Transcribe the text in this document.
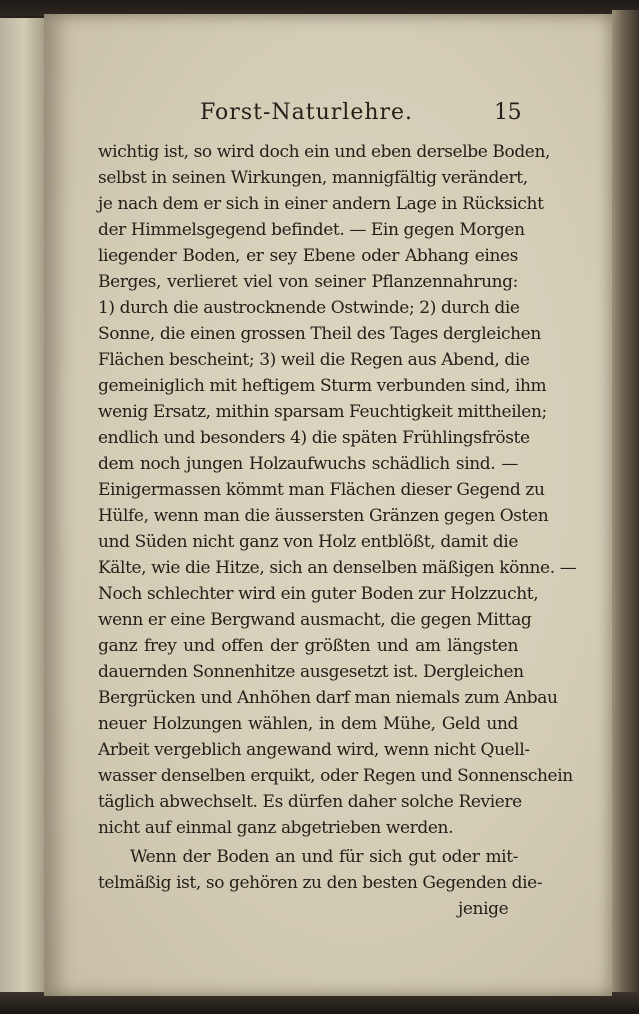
Forst-Naturlehre.	15
wichtig ist, so wird doch ein und eben derselbe Boden,
selbst in seinen Wirkungen, mannigfältig verändert,
je nach dem er sich in einer andern Lage in Rücksicht
der Himmelsgegend befindet. — Ein gegen Morgen
liegender Boden, er sey Ebene oder Abhang eines
Berges, verlieret viel von seiner Pflanzennahrung:
1) durch die austrocknende Ostwinde; 2) durch die
Sonne, die einen grossen Theil des Tages dergleichen
Flächen bescheint; 3) weil die Regen aus Abend, die
gemeiniglich mit heftigem Sturm verbunden sind, ihm
wenig Ersatz, mithin sparsam Feuchtigkeit mittheilen;
endlich und besonders 4) die späten Frühlingsfröste
dem noch jungen Holzaufwuchs schädlich sind. —
Einigermassen kömmt man Flächen dieser Gegend zu
Hülfe, wenn man die äussersten Gränzen gegen Osten
und Süden nicht ganz von Holz entblößt, damit die
Kälte, wie die Hitze, sich an denselben mäßigen könne. —
Noch schlechter wird ein guter Boden zur Holzzucht,
wenn er eine Bergwand ausmacht, die gegen Mittag
ganz frey und offen der größten und am längsten
dauernden Sonnenhitze ausgesetzt ist. Dergleichen
Bergrücken und Anhöhen darf man niemals zum Anbau
neuer Holzungen wählen, in dem Mühe, Geld und
Arbeit vergeblich angewand wird, wenn nicht Quell-
wasser denselben erquikt, oder Regen und Sonnenschein
täglich abwechselt. Es dürfen daher solche Reviere
nicht auf einmal ganz abgetrieben werden.
Wenn der Boden an und für sich gut oder mit-
telmäßig ist, so gehören zu den besten Gegenden die-
jenige
